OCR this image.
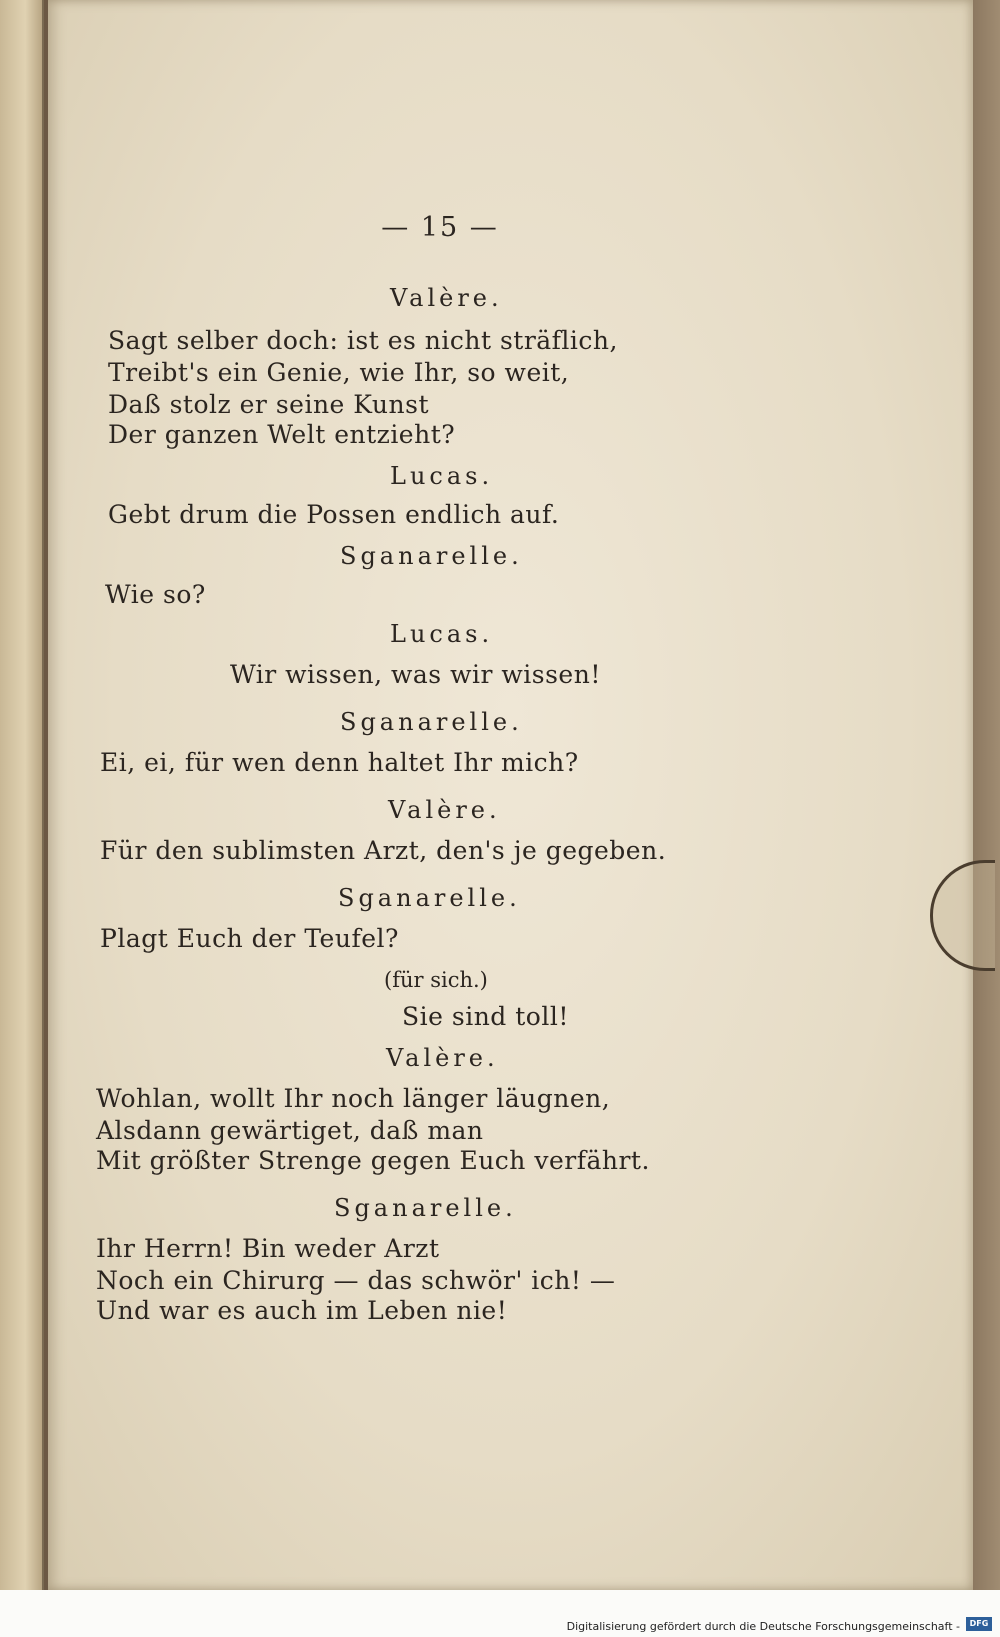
— 15 —
Valère.
Sagt selber doch: ist es nicht sträflich,
Treibt's ein Genie, wie Ihr, so weit,
Daß stolz er seine Kunst
Der ganzen Welt entzieht?
Lucas.
Gebt drum die Possen endlich auf.
Sganarelle.
Wie so?
Lucas.
Wir wissen, was wir wissen!
Sganarelle.
Ei, ei, für wen denn haltet Ihr mich?
Valère.
Für den sublimsten Arzt, den's je gegeben.
Sganarelle.
Plagt Euch der Teufel?
(für sich.)
Sie sind toll!
Valère.
Wohlan, wollt Ihr noch länger läugnen,
Alsdann gewärtiget, daß man
Mit größter Strenge gegen Euch verfährt.
Sganarelle.
Ihr Herrn! Bin weder Arzt
Noch ein Chirurg — das schwör' ich! —
Und war es auch im Leben nie!
Digitalisierung gefördert durch die Deutsche Forschungsgemeinschaft -	DFG
